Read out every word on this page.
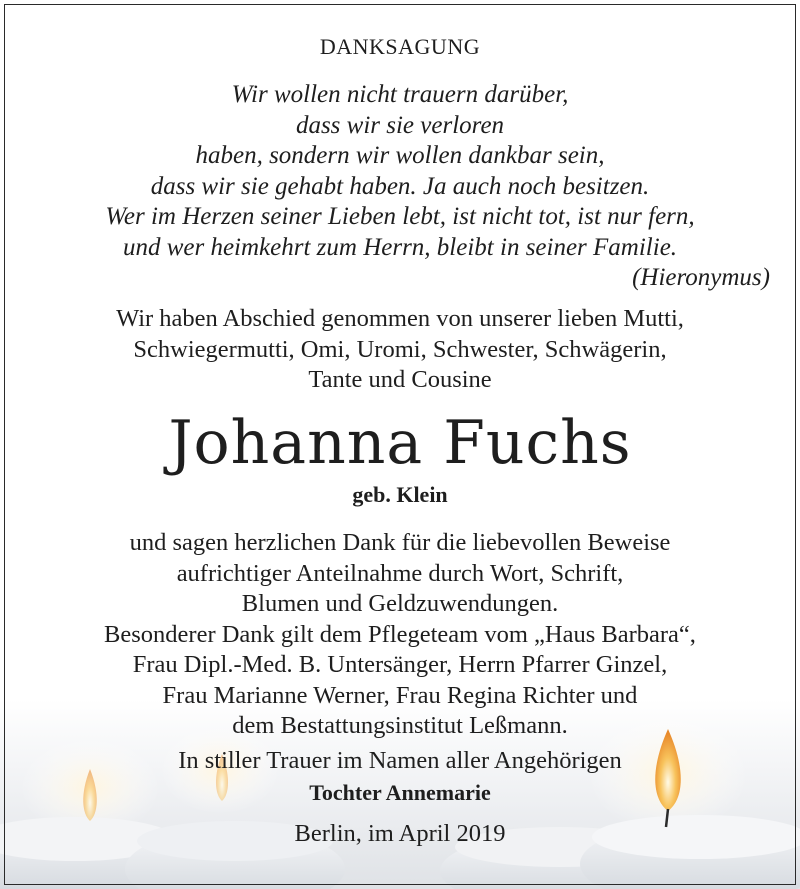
DANKSAGUNG
Wir wollen nicht trauern darüber,
dass wir sie verloren
haben, sondern wir wollen dankbar sein,
dass wir sie gehabt haben. Ja auch noch besitzen.
Wer im Herzen seiner Lieben lebt, ist nicht tot, ist nur fern,
und wer heimkehrt zum Herrn, bleibt in seiner Familie.
(Hieronymus)
Wir haben Abschied genommen von unserer lieben Mutti,
Schwiegermutti, Omi, Uromi, Schwester, Schwägerin,
Tante und Cousine
Johanna Fuchs
geb. Klein
und sagen herzlichen Dank für die liebevollen Beweise
aufrichtiger Anteilnahme durch Wort, Schrift,
Blumen und Geldzuwendungen.
Besonderer Dank gilt dem Pflegeteam vom „Haus Barbara“,
Frau Dipl.-Med. B. Untersänger, Herrn Pfarrer Ginzel,
Frau Marianne Werner, Frau Regina Richter und
dem Bestattungsinstitut Leßmann.
In stiller Trauer im Namen aller Angehörigen
Tochter Annemarie
Berlin, im April 2019
